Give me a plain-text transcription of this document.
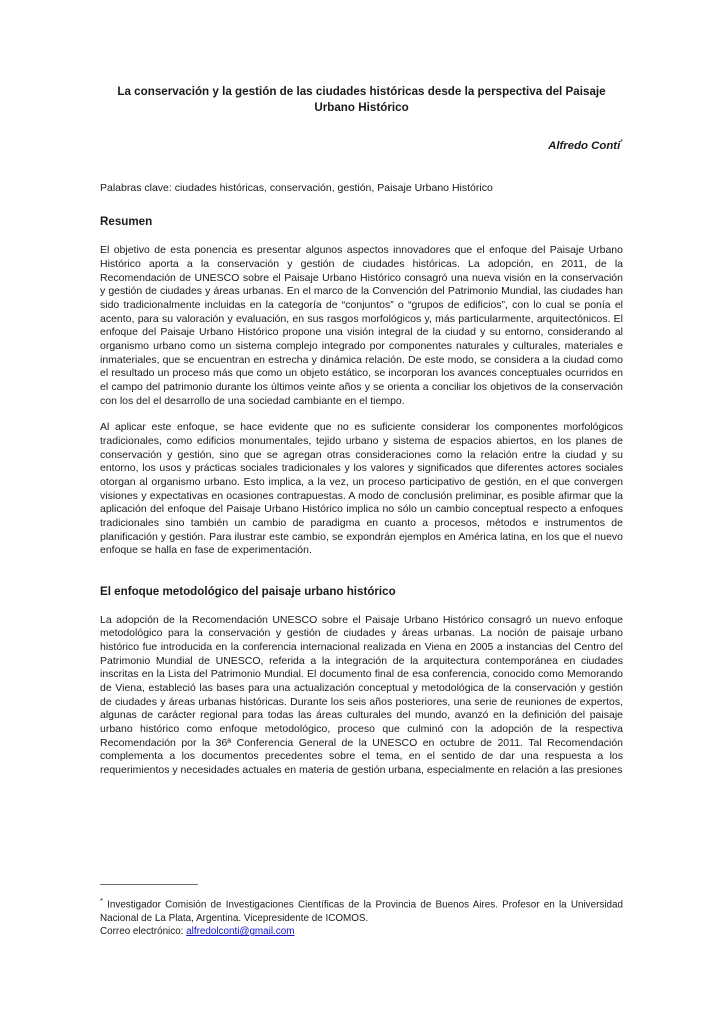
La conservación y la gestión de las ciudades históricas desde la perspectiva del Paisaje Urbano Histórico

Alfredo Conti*

Palabras clave: ciudades históricas, conservación, gestión, Paisaje Urbano Histórico

Resumen

El objetivo de esta ponencia es presentar algunos aspectos innovadores que el enfoque del Paisaje Urbano Histórico aporta a la conservación y gestión de ciudades históricas. La adopción, en 2011, de la Recomendación de UNESCO sobre el Paisaje Urbano Histórico consagró una nueva visión en la conservación y gestión de ciudades y áreas urbanas. En el marco de la Convención del Patrimonio Mundial, las ciudades han sido tradicionalmente incluidas en la categoría de “conjuntos” o “grupos de edificios”, con lo cual se ponía el acento, para su valoración y evaluación, en sus rasgos morfológicos y, más particularmente, arquitectónicos. El enfoque del Paisaje Urbano Histórico propone una visión integral de la ciudad y su entorno, considerando al organismo urbano como un sistema complejo integrado por componentes naturales y culturales, materiales e inmateriales, que se encuentran en estrecha y dinámica relación. De este modo, se considera a la ciudad como el resultado un proceso más que como un objeto estático, se incorporan los avances conceptuales ocurridos en el campo del patrimonio durante los últimos veinte años y se orienta a conciliar los objetivos de la conservación con los del el desarrollo de una sociedad cambiante en el tiempo.

Al aplicar este enfoque, se hace evidente que no es suficiente considerar los componentes morfológicos tradicionales, como edificios monumentales, tejido urbano y sistema de espacios abiertos, en los planes de conservación y gestión, sino que se agregan otras consideraciones como la relación entre la ciudad y su entorno, los usos y prácticas sociales tradicionales y los valores y significados que diferentes actores sociales otorgan al organismo urbano. Esto implica, a la vez, un proceso participativo de gestión, en el que convergen visiones y expectativas en ocasiones contrapuestas. A modo de conclusión preliminar, es posible afirmar que la aplicación del enfoque del Paisaje Urbano Histórico implica no sólo un cambio conceptual respecto a enfoques tradicionales sino también un cambio de paradigma en cuanto a procesos, métodos e instrumentos de planificación y gestión. Para ilustrar este cambio, se expondrán ejemplos en América latina, en los que el nuevo enfoque se halla en fase de experimentación.

El enfoque metodológico del paisaje urbano histórico

La adopción de la Recomendación UNESCO sobre el Paisaje Urbano Histórico consagró un nuevo enfoque metodológico para la conservación y gestión de ciudades y áreas urbanas. La noción de paisaje urbano histórico fue introducida en la conferencia internacional realizada en Viena en 2005 a instancias del Centro del Patrimonio Mundial de UNESCO, referida a la integración de la arquitectura contemporánea en ciudades inscritas en la Lista del Patrimonio Mundial. El documento final de esa conferencia, conocido como Memorando de Viena, estableció las bases para una actualización conceptual y metodológica de la conservación y gestión de ciudades y áreas urbanas históricas. Durante los seis años posteriores, una serie de reuniones de expertos, algunas de carácter regional para todas las áreas culturales del mundo, avanzó en la definición del paisaje urbano histórico como enfoque metodológico, proceso que culminó con la adopción de la respectiva Recomendación por la 36ª Conferencia General de la UNESCO en octubre de 2011. Tal Recomendación complementa a los documentos precedentes sobre el tema, en el sentido de dar una respuesta a los requerimientos y necesidades actuales en materia de gestión urbana, especialmente en relación a las presiones

* Investigador Comisión de Investigaciones Científicas de la Provincia de Buenos Aires. Profesor en la Universidad Nacional de La Plata, Argentina. Vicepresidente de ICOMOS.

Correo electrónico: alfredolconti@gmail.com
